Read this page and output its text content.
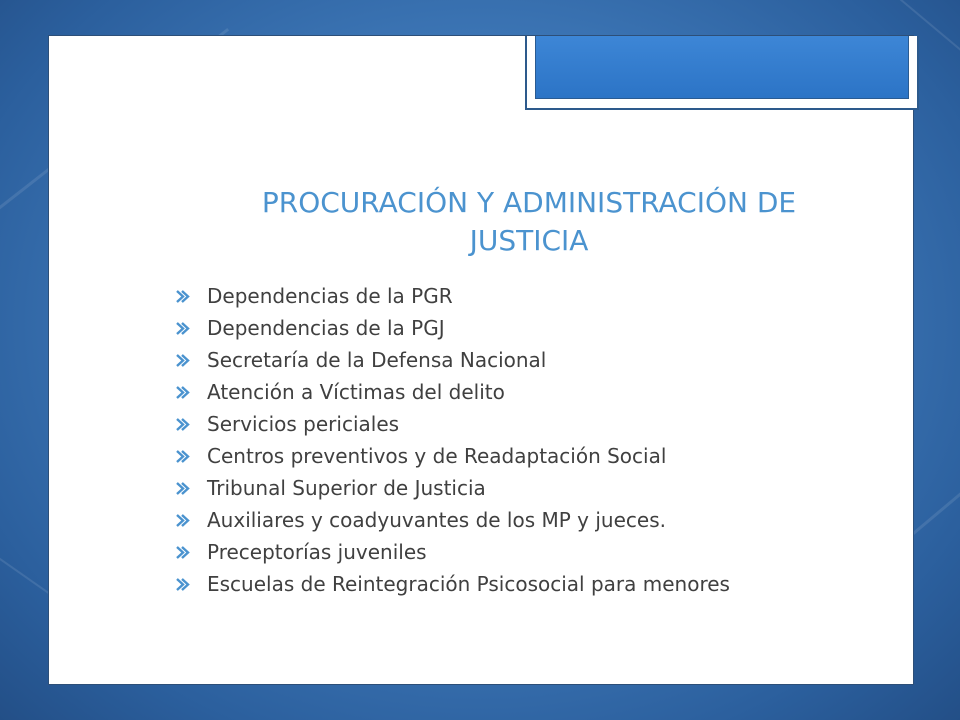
PROCURACIÓN Y ADMINISTRACIÓN DE JUSTICIA
Dependencias de la PGR
Dependencias de la PGJ
Secretaría de la Defensa Nacional
Atención a Víctimas del delito
Servicios periciales
Centros preventivos y de Readaptación Social
Tribunal Superior de Justicia
Auxiliares y coadyuvantes de los MP y jueces.
Preceptorías juveniles
Escuelas de Reintegración Psicosocial para menores
